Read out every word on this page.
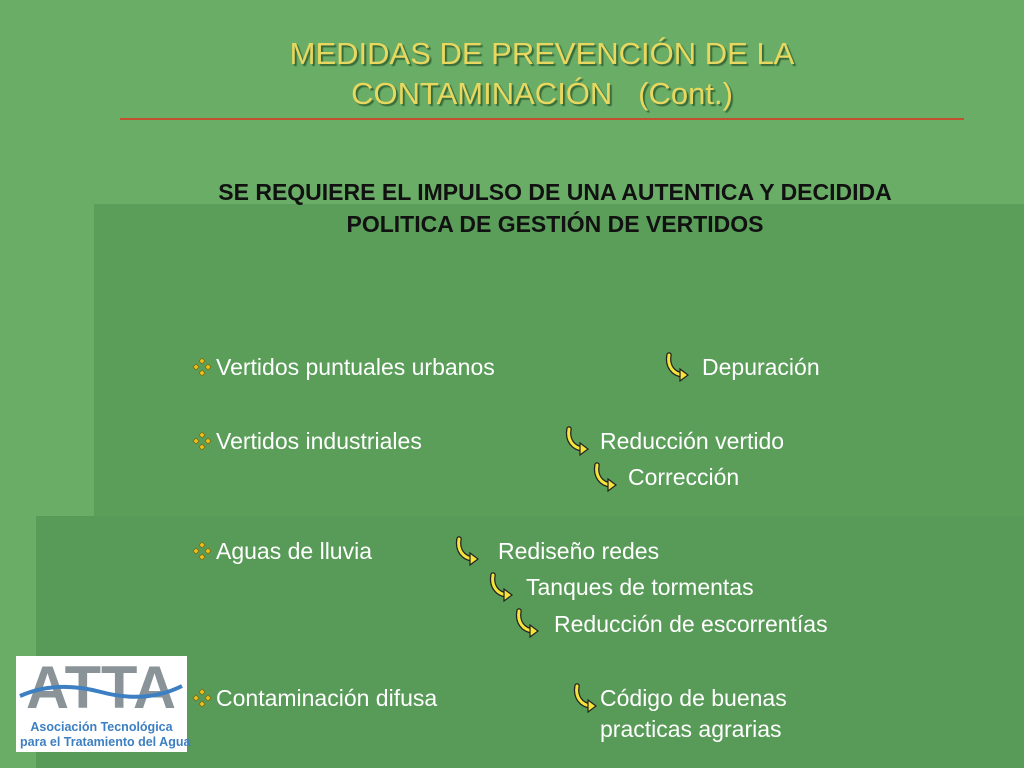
MEDIDAS DE PREVENCIÓN DE LA
CONTAMINACIÓN   (Cont.)
SE REQUIERE EL IMPULSO DE UNA AUTENTICA Y DECIDIDA
POLITICA DE GESTIÓN DE VERTIDOS
Vertidos puntuales urbanos	Depuración
Vertidos industriales	Reducción vertido
Corrección
Aguas de lluvia	Rediseño redes
Tanques de tormentas
Reducción de escorrentías
Contaminación difusa	Código de buenas
practicas agrarias
ATTA
Asociación Tecnológica
para el Tratamiento del Agua
